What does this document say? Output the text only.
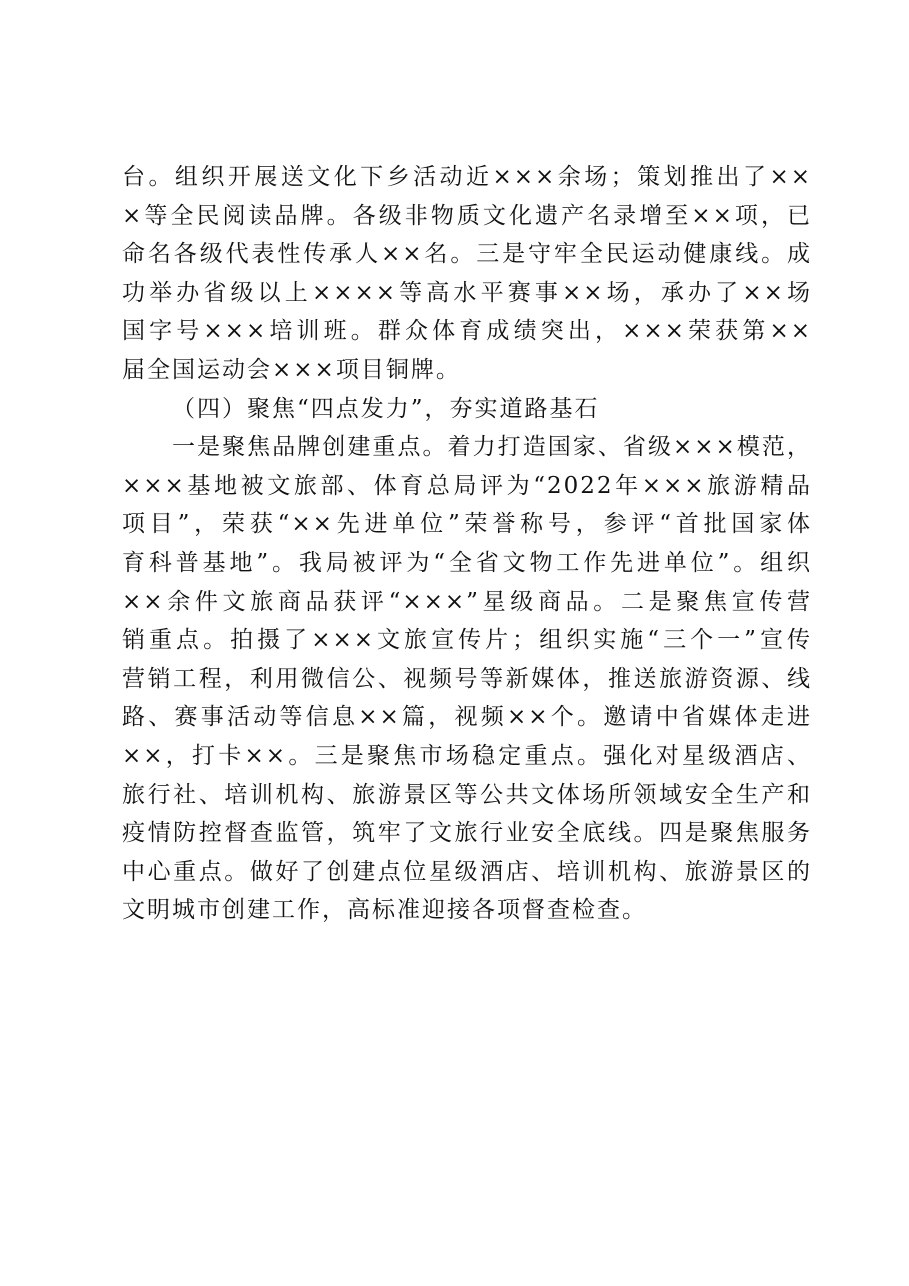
台。组织开展送文化下乡活动近×××余场；策划推出了××
×等全民阅读品牌。各级非物质文化遗产名录增至××项，已
命名各级代表性传承人××名。三是守牢全民运动健康线。成
功举办省级以上××××等高水平赛事××场，承办了××场
国字号×××培训班。群众体育成绩突出，×××荣获第××
届全国运动会×××项目铜牌。
（四）聚焦“四点发力”，夯实道路基石
一是聚焦品牌创建重点。着力打造国家、省级×××模范，
×××基地被文旅部、体育总局评为“2022年×××旅游精品
项目”，荣获“××先进单位”荣誉称号，参评“首批国家体
育科普基地”。我局被评为“全省文物工作先进单位”。组织
××余件文旅商品获评“×××”星级商品。二是聚焦宣传营
销重点。拍摄了×××文旅宣传片；组织实施“三个一”宣传
营销工程，利用微信公、视频号等新媒体，推送旅游资源、线
路、赛事活动等信息××篇，视频××个。邀请中省媒体走进
××，打卡××。三是聚焦市场稳定重点。强化对星级酒店、
旅行社、培训机构、旅游景区等公共文体场所领域安全生产和
疫情防控督查监管，筑牢了文旅行业安全底线。四是聚焦服务
中心重点。做好了创建点位星级酒店、培训机构、旅游景区的
文明城市创建工作，高标准迎接各项督查检查。
